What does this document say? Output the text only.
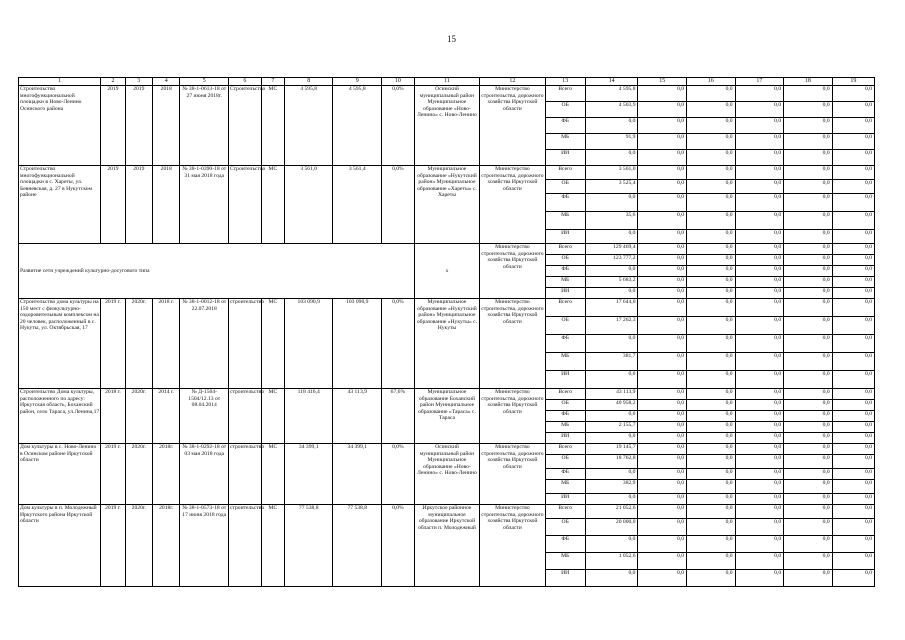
15
1	2	3	4	5	6	7	8	9	10	11	12	13	14	15	16	17	18	19
Строительство многофункциональной площадки в Ново-Ленино Осинского района	2019	2019	2018	№ 38-1-0613-18 от 27 июня 2018г.	Строительство	МС	4 595,8	4 595,8	0,0%	Осинский муниципальный район Муниципальное образование «Ново-Ленино» с. Ново-Ленино	Министерство строительства, дорожного хозяйства Иркутской области	Всего	4 595,8	0,0	0,0	0,0	0,0	0,0
												ОБ	4 503,9	0,0	0,0	0,0	0,0	0,0
												ФБ	0,0	0,0	0,0	0,0	0,0	0,0
												МБ	91,9	0,0	0,0	0,0	0,0	0,0
												ИИ	0,0	0,0	0,0	0,0	0,0	0,0
Строительство многофункциональной площадки в с. Хареты, ул. Бевневская, д. 27 в Нукутском районе	2019	2019	2018	№ 38-1-0390-18 от 31 мая 2018 года	Строительство	МС	3 561,0	3 561,4	0,0%	Муниципальное образование «Нукутский район» Муниципальное образование «Хареты» с. Хареты	Министерство строительства, дорожного хозяйства Иркутской области	Всего	3 561,0	0,0	0,0	0,0	0,0	0,0
												ОБ	3 525,4	0,0	0,0	0,0	0,0	0,0
												ФБ	0,0	0,0	0,0	0,0	0,0	0,0
												МБ	35,6	0,0	0,0	0,0	0,0	0,0
												ИИ	0,0	0,0	0,0	0,0	0,0	0,0
Развитие сети учреждений культурно-досугового типа										х	Министерство строительства, дорожного хозяйства Иркутской области	Всего	129 469,4	0,0	0,0	0,0	0,0	0,0
												ОБ	123 777,2	0,0	0,0	0,0	0,0	0,0
												ФБ	0,0	0,0	0,0	0,0	0,0	0,0
												МБ	5 683,2	0,0	0,0	0,0	0,0	0,0
												ИИ	0,0	0,0	0,0	0,0	0,0	0,0
Строительство дома культуры на 150 мест с физкультурно-оздоровительным комплексом на 20 человек, расположенный в с. Нукуты, ул. Октябрьская, 17	2019 г.	2020г.	2018 г.	№ 38-1-0012-18 от 22.07.2018	строительство	МС	103 090,9	103 090,9	0,0%	Муниципальное образование «Нукутский район» Муниципальное образование «Нукуты» с. Нукуты	Министерство строительства, дорожного хозяйства Иркутской области	Всего	17 644,0	0,0	0,0	0,0	0,0	0,0
												ОБ	17 262,3	0,0	0,0	0,0	0,0	0,0
												ФБ	0,0	0,0	0,0	0,0	0,0	0,0
												МБ	381,7	0,0	0,0	0,0	0,0	0,0
												ИИ	0,0	0,0	0,0	0,0	0,0	0,0
Строительство Дома культуры, расположенного по адресу: Иркутская область, Боханский район, село Тараса, ул.Ленина,17	2018 г.	2020г.	2014 г.	№ Д-1504-1504/12.13 от 08.04.2014	строительство	МС	118 416,4	43 113,9	67,6%	Муниципальное образование Боханский район Муниципальное образование «Тараса» с. Тараса	Министерство строительства, дорожного хозяйства Иркутской области	Всего	43 113,9	0,0	0,0	0,0	0,0	0,0
												ОБ	40 958,2	0,0	0,0	0,0	0,0	0,0
												ФБ	0,0	0,0	0,0	0,0	0,0	0,0
												МБ	2 155,7	0,0	0,0	0,0	0,0	0,0
												ИИ	0,0	0,0	0,0	0,0	0,0	0,0
Дом культуры в с. Ново-Ленино в Осинском районе Иркутской области	2019 г.	2020г.	2018г.	№ 38-1-0292-18 от 03 мая 2018 года	строительство	МС	34 399,1	34 399,1	0,0%	Осинский муниципальный район Муниципальное образование «Ново-Ленино» с. Ново-Ленино	Министерство строительства, дорожного хозяйства Иркутской области	Всего	19 145,7	0,0	0,0	0,0	0,0	0,0
												ОБ	18 762,8	0,0	0,0	0,0	0,0	0,0
												ФБ	0,0	0,0	0,0	0,0	0,0	0,0
												МБ	382,9	0,0	0,0	0,0	0,0	0,0
												ИИ	0,0	0,0	0,0	0,0	0,0	0,0
Дом культуры в п. Молодежный Иркутского района Иркутской области	2019 г.	2020г.	2018г.	№ 38-1-0573-18 от 17 июня 2018 года	строительство	МС	77 538,8	77 538,8	0,0%	Иркутское районное муниципальное образование Иркутской области п. Молодежный	Министерство строительства, дорожного хозяйства Иркутской области	Всего	21 052,6	0,0	0,0	0,0	0,0	0,0
												ОБ	20 000,0	0,0	0,0	0,0	0,0	0,0
												ФБ	0,0	0,0	0,0	0,0	0,0	0,0
												МБ	1 052,6	0,0	0,0	0,0	0,0	0,0
												ИИ	0,0	0,0	0,0	0,0	0,0	0,0
